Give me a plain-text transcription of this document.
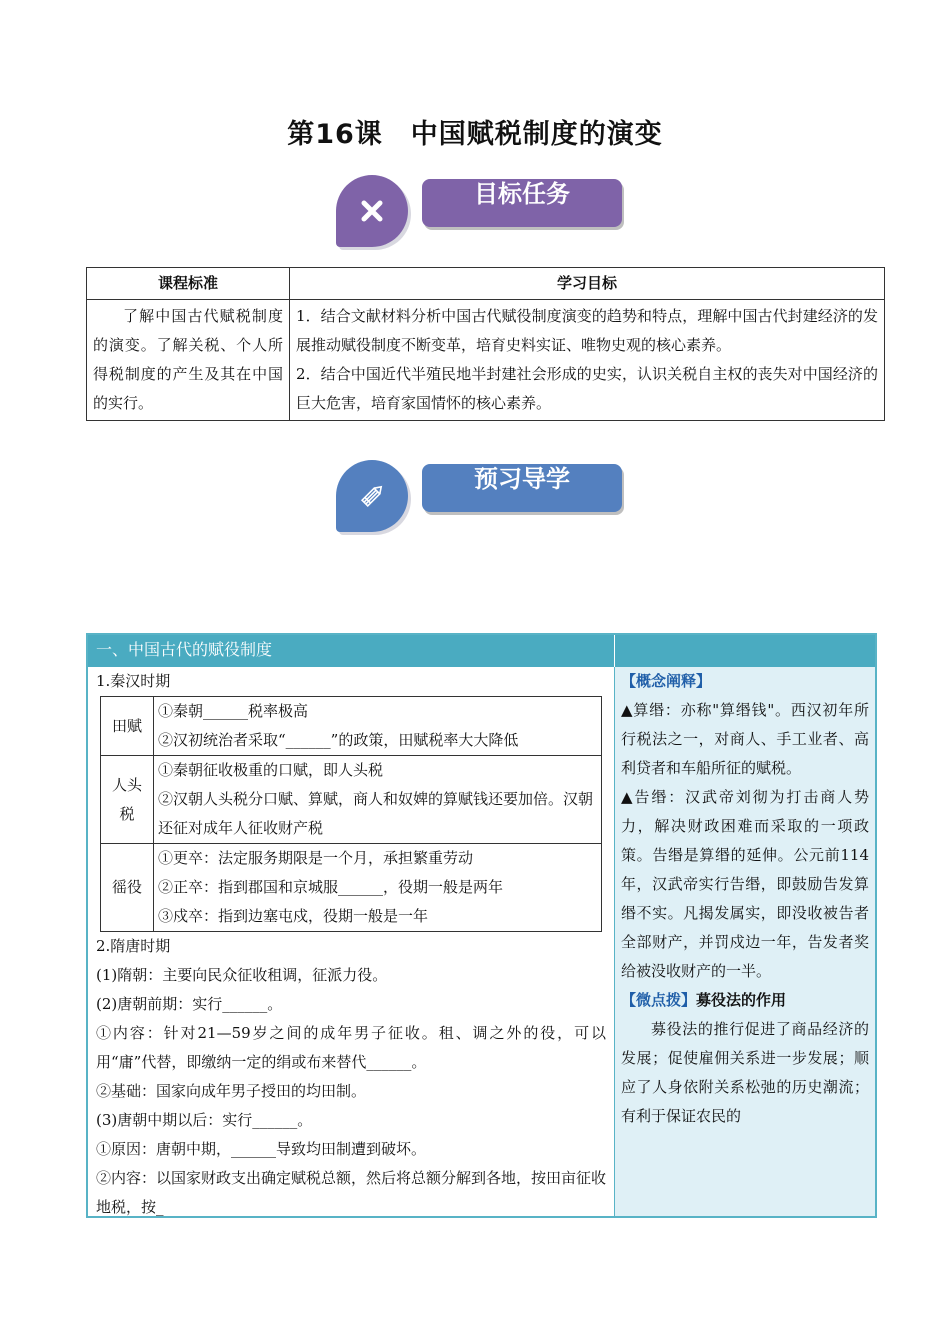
第16课　中国赋税制度的演变
目标任务
课程标准	学习目标
了解中国古代赋税制度的演变。了解关税、个人所得税制度的产生及其在中国的实行。	1．结合文献材料分析中国古代赋役制度演变的趋势和特点，理解中国古代封建经济的发展推动赋役制度不断变革，培育史料实证、唯物史观的核心素养。
2．结合中国近代半殖民地半封建社会形成的史实，认识关税自主权的丧失对中国经济的巨大危害，培育家国情怀的核心素养。
预习导学
一、中国古代的赋役制度
1.秦汉时期
田赋	①秦朝______税率极高
②汉初统治者采取“______”的政策，田赋税率大大降低

人头税	①秦朝征收极重的口赋，即人头税
②汉朝人头税分口赋、算赋，商人和奴婢的算赋钱还要加倍。汉朝还征对成年人征收财产税

徭役	①更卒：法定服务期限是一个月，承担繁重劳动
②正卒：指到郡国和京城服______，役期一般是两年
③戍卒：指到边塞屯戍，役期一般是一年
2.隋唐时期
(1)隋朝：主要向民众征收租调，征派力役。
(2)唐朝前期：实行______。
①内容：针对21—59岁之间的成年男子征收。租、调之外的役，可以用“庸”代替，即缴纳一定的绢或布来替代______。
②基础：国家向成年男子授田的均田制。
(3)唐朝中期以后：实行______。
①原因：唐朝中期，______导致均田制遭到破坏。
②内容：以国家财政支出确定赋税总额，然后将总额分解到各地，按田亩征收地税，按_
【概念阐释】
▲算缗：亦称"算缗钱"。西汉初年所行税法之一，对商人、手工业者、高利贷者和车船所征的赋税。
▲告缗：汉武帝刘彻为打击商人势力，解决财政困难而采取的一项政策。告缗是算缗的延伸。公元前114年，汉武帝实行告缗，即鼓励告发算缗不实。凡揭发属实，即没收被告者全部财产，并罚戍边一年，告发者奖给被没收财产的一半。
【微点拨】募役法的作用
募役法的推行促进了商品经济的发展；促使雇佣关系进一步发展；顺应了人身依附关系松弛的历史潮流；有利于保证农民的
